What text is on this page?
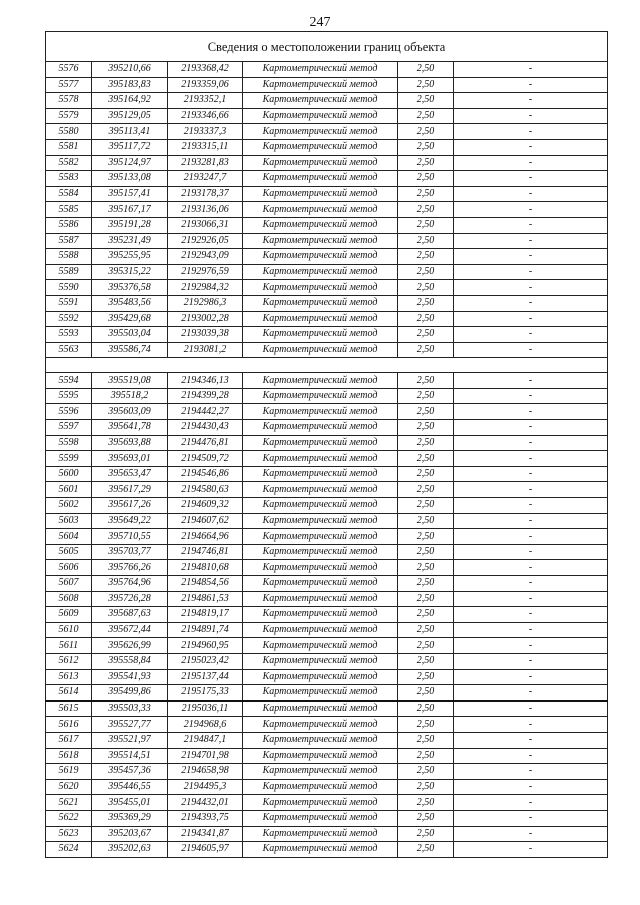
247
Сведения о местоположении границ объекта					
5576	395210,66	2193368,42	Картометрический метод	2,50	-
5577	395183,83	2193359,06	Картометрический метод	2,50	-
5578	395164,92	2193352,1	Картометрический метод	2,50	-
5579	395129,05	2193346,66	Картометрический метод	2,50	-
5580	395113,41	2193337,3	Картометрический метод	2,50	-
5581	395117,72	2193315,11	Картометрический метод	2,50	-
5582	395124,97	2193281,83	Картометрический метод	2,50	-
5583	395133,08	2193247,7	Картометрический метод	2,50	-
5584	395157,41	2193178,37	Картометрический метод	2,50	-
5585	395167,17	2193136,06	Картометрический метод	2,50	-
5586	395191,28	2193066,31	Картометрический метод	2,50	-
5587	395231,49	2192926,05	Картометрический метод	2,50	-
5588	395255,95	2192943,09	Картометрический метод	2,50	-
5589	395315,22	2192976,59	Картометрический метод	2,50	-
5590	395376,58	2192984,32	Картометрический метод	2,50	-
5591	395483,56	2192986,3	Картометрический метод	2,50	-
5592	395429,68	2193002,28	Картометрический метод	2,50	-
5593	395503,04	2193039,38	Картометрический метод	2,50	-
5563	395586,74	2193081,2	Картометрический метод	2,50	-

5594	395519,08	2194346,13	Картометрический метод	2,50	-
5595	395518,2	2194399,28	Картометрический метод	2,50	-
5596	395603,09	2194442,27	Картометрический метод	2,50	-
5597	395641,78	2194430,43	Картометрический метод	2,50	-
5598	395693,88	2194476,81	Картометрический метод	2,50	-
5599	395693,01	2194509,72	Картометрический метод	2,50	-
5600	395653,47	2194546,86	Картометрический метод	2,50	-
5601	395617,29	2194580,63	Картометрический метод	2,50	-
5602	395617,26	2194609,32	Картометрический метод	2,50	-
5603	395649,22	2194607,62	Картометрический метод	2,50	-
5604	395710,55	2194664,96	Картометрический метод	2,50	-
5605	395703,77	2194746,81	Картометрический метод	2,50	-
5606	395766,26	2194810,68	Картометрический метод	2,50	-
5607	395764,96	2194854,56	Картометрический метод	2,50	-
5608	395726,28	2194861,53	Картометрический метод	2,50	-
5609	395687,63	2194819,17	Картометрический метод	2,50	-
5610	395672,44	2194891,74	Картометрический метод	2,50	-
5611	395626,99	2194960,95	Картометрический метод	2,50	-
5612	395558,84	2195023,42	Картометрический метод	2,50	-
5613	395541,93	2195137,44	Картометрический метод	2,50	-
5614	395499,86	2195175,33	Картометрический метод	2,50	-
5615	395503,33	2195036,11	Картометрический метод	2,50	-
5616	395527,77	2194968,6	Картометрический метод	2,50	-
5617	395521,97	2194847,1	Картометрический метод	2,50	-
5618	395514,51	2194701,98	Картометрический метод	2,50	-
5619	395457,36	2194658,98	Картометрический метод	2,50	-
5620	395446,55	2194495,3	Картометрический метод	2,50	-
5621	395455,01	2194432,01	Картометрический метод	2,50	-
5622	395369,29	2194393,75	Картометрический метод	2,50	-
5623	395203,67	2194341,87	Картометрический метод	2,50	-
5624	395202,63	2194605,97	Картометрический метод	2,50	-
